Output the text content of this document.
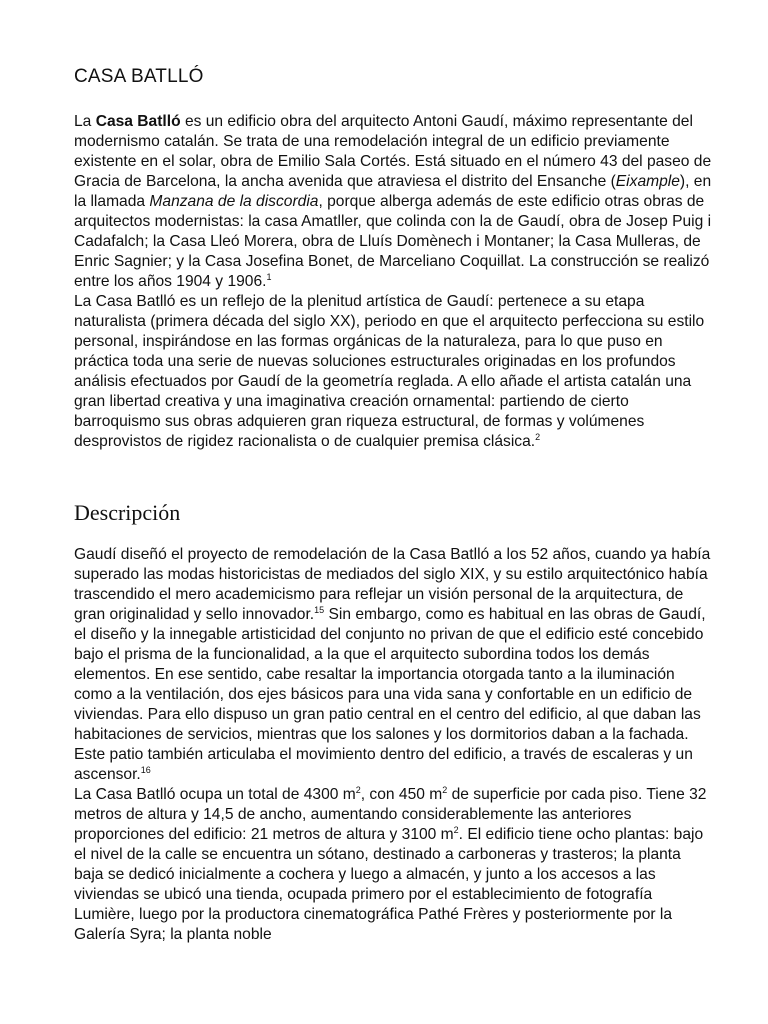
CASA BATLLÓ

La Casa Batlló es un edificio obra del arquitecto Antoni Gaudí, máximo representante del modernismo catalán. Se trata de una remodelación integral de un edificio previamente existente en el solar, obra de Emilio Sala Cortés. Está situado en el número 43 del paseo de Gracia de Barcelona, la ancha avenida que atraviesa el distrito del Ensanche (Eixample), en la llamada Manzana de la discordia, porque alberga además de este edificio otras obras de arquitectos modernistas: la casa Amatller, que colinda con la de Gaudí, obra de Josep Puig i Cadafalch; la Casa Lleó Morera, obra de Lluís Domènech i Montaner; la Casa Mulleras, de Enric Sagnier; y la Casa Josefina Bonet, de Marceliano Coquillat. La construcción se realizó entre los años 1904 y 1906.$^1$

La Casa Batlló es un reflejo de la plenitud artística de Gaudí: pertenece a su etapa naturalista (primera década del siglo XX), periodo en que el arquitecto perfecciona su estilo personal, inspirándose en las formas orgánicas de la naturaleza, para lo que puso en práctica toda una serie de nuevas soluciones estructurales originadas en los profundos análisis efectuados por Gaudí de la geometría reglada. A ello añade el artista catalán una gran libertad creativa y una imaginativa creación ornamental: partiendo de cierto barroquismo sus obras adquieren gran riqueza estructural, de formas y volúmenes desprovistos de rigidez racionalista o de cualquier premisa clásica.$^2$

Descripción

Gaudí diseñó el proyecto de remodelación de la Casa Batlló a los 52 años, cuando ya había superado las modas historicistas de mediados del siglo XIX, y su estilo arquitectónico había trascendido el mero academicismo para reflejar un visión personal de la arquitectura, de gran originalidad y sello innovador.$^{15}$ Sin embargo, como es habitual en las obras de Gaudí, el diseño y la innegable artisticidad del conjunto no privan de que el edificio esté concebido bajo el prisma de la funcionalidad, a la que el arquitecto subordina todos los demás elementos. En ese sentido, cabe resaltar la importancia otorgada tanto a la iluminación como a la ventilación, dos ejes básicos para una vida sana y confortable en un edificio de viviendas. Para ello dispuso un gran patio central en el centro del edificio, al que daban las habitaciones de servicios, mientras que los salones y los dormitorios daban a la fachada. Este patio también articulaba el movimiento dentro del edificio, a través de escaleras y un ascensor.$^{16}$

La Casa Batlló ocupa un total de 4300 $m^2$, con 450 $m^2$ de superficie por cada piso. Tiene 32 metros de altura y 14,5 de ancho, aumentando considerablemente las anteriores proporciones del edificio: 21 metros de altura y 3100 $m^2$. El edificio tiene ocho plantas: bajo el nivel de la calle se encuentra un sótano, destinado a carboneras y trasteros; la planta baja se dedicó inicialmente a cochera y luego a almacén, y junto a los accesos a las viviendas se ubicó una tienda, ocupada primero por el establecimiento de fotografía Lumière, luego por la productora cinematográfica Pathé Frères y posteriormente por la Galería Syra; la planta noble
